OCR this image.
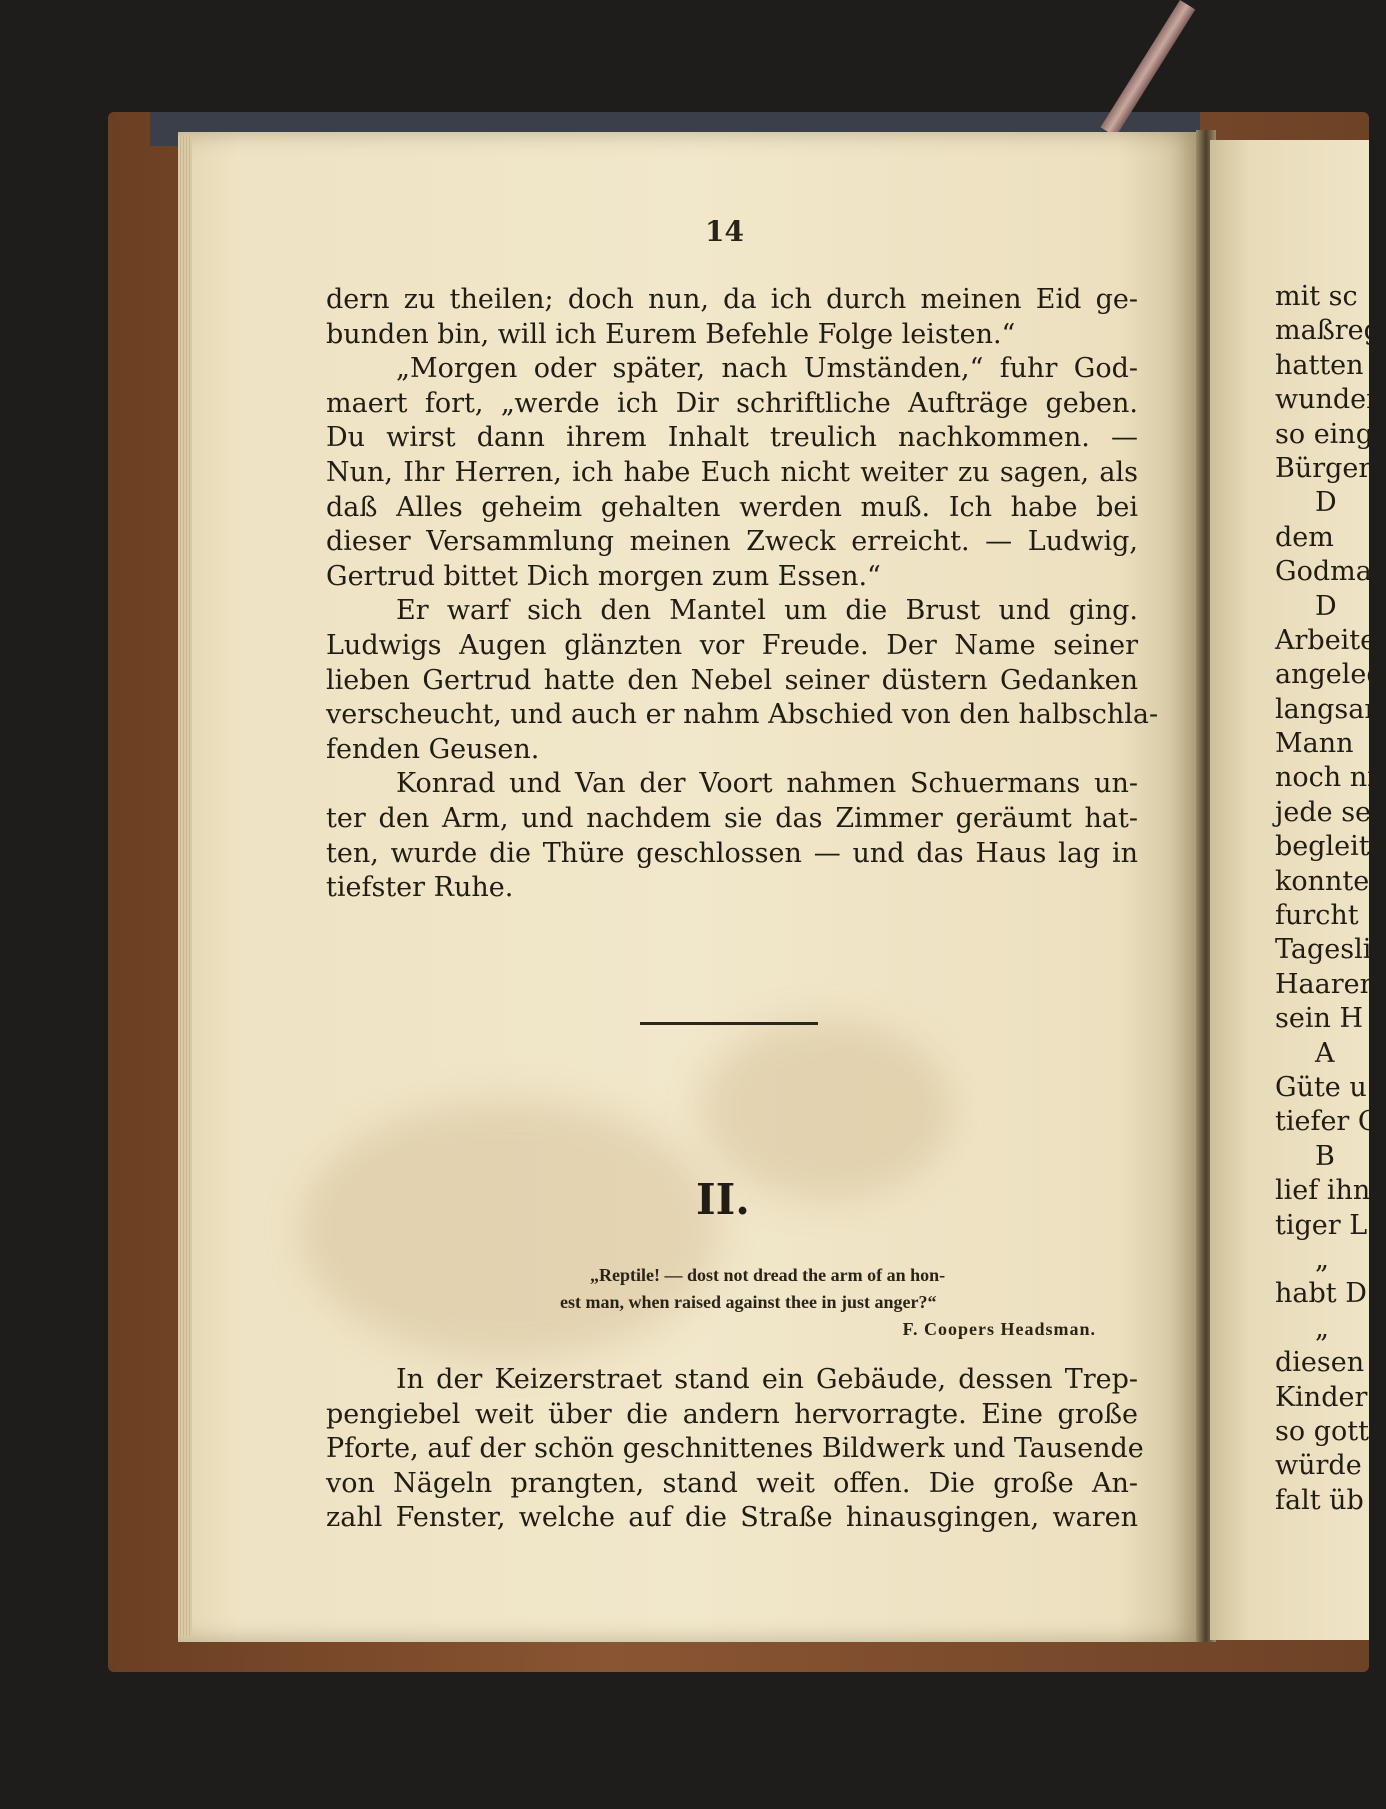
14
dern zu theilen; doch nun, da ich durch meinen Eid ge-
bunden bin, will ich Eurem Befehle Folge leisten.“
„Morgen oder später, nach Umständen,“ fuhr God-
maert fort, „werde ich Dir schriftliche Aufträge geben.
Du wirst dann ihrem Inhalt treulich nachkommen. —
Nun, Ihr Herren, ich habe Euch nicht weiter zu sagen, als
daß Alles geheim gehalten werden muß. Ich habe bei
dieser Versammlung meinen Zweck erreicht. — Ludwig,
Gertrud bittet Dich morgen zum Essen.“
Er warf sich den Mantel um die Brust und ging.
Ludwigs Augen glänzten vor Freude. Der Name seiner
lieben Gertrud hatte den Nebel seiner düstern Gedanken
verscheucht, und auch er nahm Abschied von den halbschla-
fenden Geusen.
Konrad und Van der Voort nahmen Schuermans un-
ter den Arm, und nachdem sie das Zimmer geräumt hat-
ten, wurde die Thüre geschlossen — und das Haus lag in
tiefster Ruhe.
II.
„Reptile! — dost not dread the arm of an hon-
est man, when raised against thee in just anger?“
F. Coopers Headsman.
In der Keizerstraet stand ein Gebäude, dessen Trep-
pengiebel weit über die andern hervorragte. Eine große
Pforte, auf der schön geschnittenes Bildwerk und Tausende
von Nägeln prangten, stand weit offen. Die große An-
zahl Fenster, welche auf die Straße hinausgingen, waren
mit sc
maßreg
hatten
wunder
so eing
Bürger
D
dem
Godma
D
Arbeite
angeleg
langsar
Mann
noch ni
jede se
begleite
konnte
furcht
Tagesli
Haaren
sein H
A
Güte u
tiefer G
B
lief ihn
tiger L
„
habt D
„
diesen
Kinder
so gott
würde
falt üb
